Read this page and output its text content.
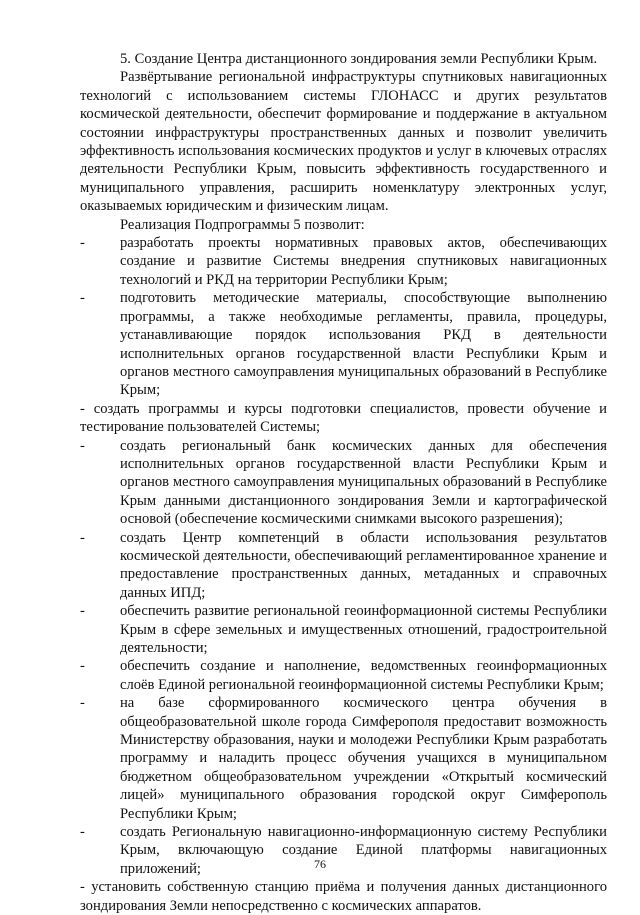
5. Создание Центра дистанционного зондирования земли Республики Крым.

Развёртывание региональной инфраструктуры спутниковых навигационных технологий с использованием системы ГЛОНАСС и других результатов космической деятельности, обеспечит формирование и поддержание в актуальном состоянии инфраструктуры пространственных данных и позволит увеличить эффективность использования космических продуктов и услуг в ключевых отраслях деятельности Республики Крым, повысить эффективность государственного и муниципального управления, расширить номенклатуру электронных услуг, оказываемых юридическим и физическим лицам.

Реализация Подпрограммы 5 позволит:

- разработать проекты нормативных правовых актов, обеспечивающих создание и развитие Системы внедрения спутниковых навигационных технологий и РКД на территории Республики Крым;

- подготовить методические материалы, способствующие выполнению программы, а также необходимые регламенты, правила, процедуры, устанавливающие порядок использования РКД в деятельности исполнительных органов государственной власти Республики Крым и органов местного самоуправления муниципальных образований в Республике Крым;

- создать программы и курсы подготовки специалистов, провести обучение и тестирование пользователей Системы;

- создать региональный банк космических данных для обеспечения исполнительных органов государственной власти Республики Крым и органов местного самоуправления муниципальных образований в Республике Крым данными дистанционного зондирования Земли и картографической основой (обеспечение космическими снимками высокого разрешения);

- создать Центр компетенций в области использования результатов космической деятельности, обеспечивающий регламентированное хранение и предоставление пространственных данных, метаданных и справочных данных ИПД;

- обеспечить развитие региональной геоинформационной системы Республики Крым в сфере земельных и имущественных отношений, градостроительной деятельности;

- обеспечить создание и наполнение, ведомственных геоинформационных слоёв Единой региональной геоинформационной системы Республики Крым;

- на базе сформированного космического центра обучения в общеобразовательной школе города Симферополя предоставит возможность Министерству образования, науки и молодежи Республики Крым разработать программу и наладить процесс обучения учащихся в муниципальном бюджетном общеобразовательном учреждении «Открытый космический лицей» муниципального образования городской округ Симферополь Республики Крым;

- создать Региональную навигационно-информационную систему Республики Крым, включающую создание Единой платформы навигационных приложений;

- установить собственную станцию приёма и получения данных дистанционного зондирования Земли непосредственно с космических аппаратов.

76
